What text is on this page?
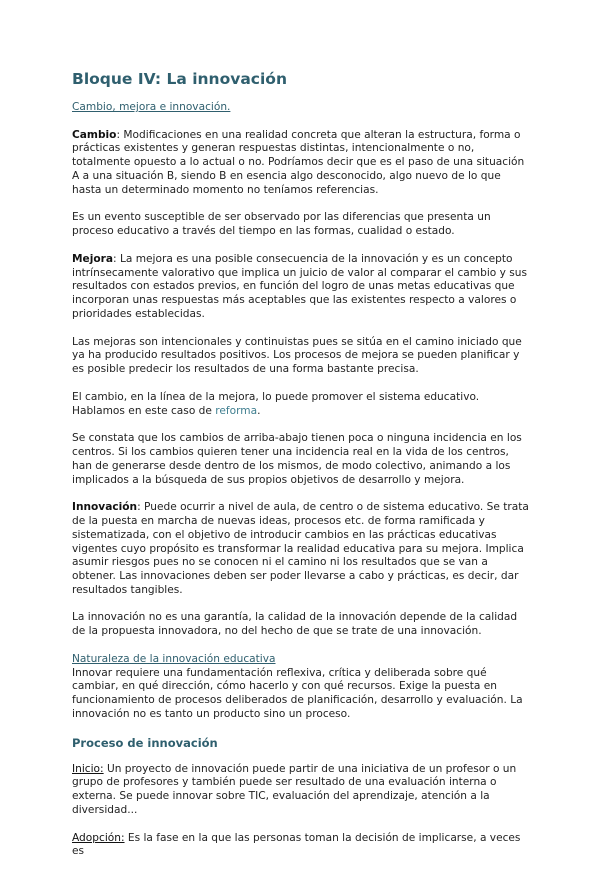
Bloque IV: La innovación

Cambio, mejora e innovación.

Cambio: Modificaciones en una realidad concreta que alteran la estructura, forma o prácticas existentes y generan respuestas distintas, intencionalmente o no, totalmente opuesto a lo actual o no. Podríamos decir que es el paso de una situación A a una situación B, siendo B en esencia algo desconocido, algo nuevo de lo que hasta un determinado momento no teníamos referencias.

Es un evento susceptible de ser observado por las diferencias que presenta un proceso educativo a través del tiempo en las formas, cualidad o estado.

Mejora: La mejora es una posible consecuencia de la innovación y es un concepto intrínsecamente valorativo que implica un juicio de valor al comparar el cambio y sus resultados con estados previos, en función del logro de unas metas educativas que incorporan unas respuestas más aceptables que las existentes respecto a valores o prioridades establecidas.

Las mejoras son intencionales y continuistas pues se sitúa en el camino iniciado que ya ha producido resultados positivos. Los procesos de mejora se pueden planificar y es posible predecir los resultados de una forma bastante precisa.

El cambio, en la línea de la mejora, lo puede promover el sistema educativo. Hablamos en este caso de reforma.

Se constata que los cambios de arriba-abajo tienen poca o ninguna incidencia en los centros. Si los cambios quieren tener una incidencia real en la vida de los centros, han de generarse desde dentro de los mismos, de modo colectivo, animando a los implicados a la búsqueda de sus propios objetivos de desarrollo y mejora.

Innovación: Puede ocurrir a nivel de aula, de centro o de sistema educativo. Se trata de la puesta en marcha de nuevas ideas, procesos etc. de forma ramificada y sistematizada, con el objetivo de introducir cambios en las prácticas educativas vigentes cuyo propósito es transformar la realidad educativa para su mejora. Implica asumir riesgos pues no se conocen ni el camino ni los resultados que se van a obtener. Las innovaciones deben ser poder llevarse a cabo y prácticas, es decir, dar resultados tangibles.

La innovación no es una garantía, la calidad de la innovación depende de la calidad de la propuesta innovadora, no del hecho de que se trate de una innovación.

Naturaleza de la innovación educativa

Innovar requiere una fundamentación reflexiva, crítica y deliberada sobre qué cambiar, en qué dirección, cómo hacerlo y con qué recursos. Exige la puesta en funcionamiento de procesos deliberados de planificación, desarrollo y evaluación. La innovación no es tanto un producto sino un proceso.

Proceso de innovación

Inicio: Un proyecto de innovación puede partir de una iniciativa de un profesor o un grupo de profesores y también puede ser resultado de una evaluación interna o externa. Se puede innovar sobre TIC, evaluación del aprendizaje, atención a la diversidad...

Adopción: Es la fase en la que las personas toman la decisión de implicarse, a veces es
